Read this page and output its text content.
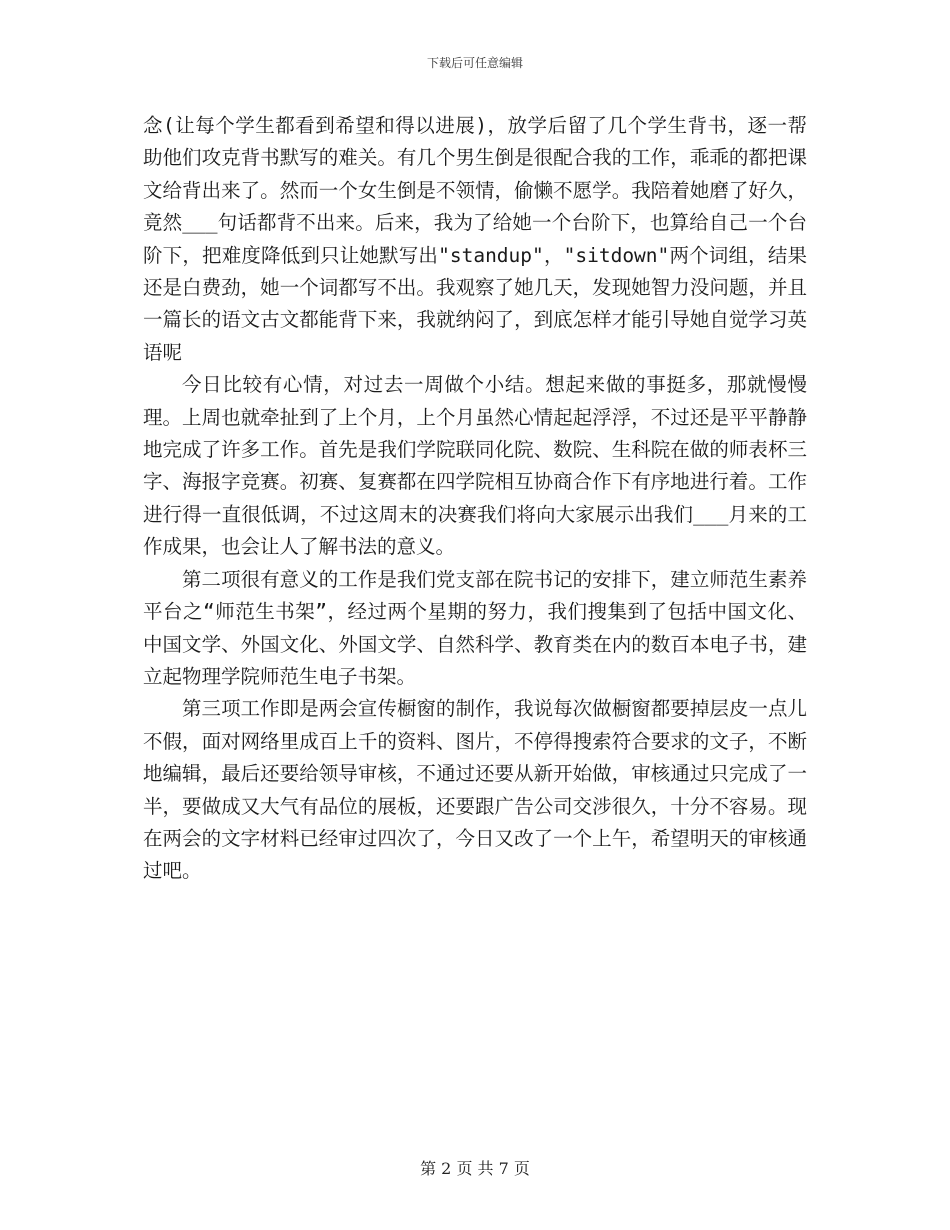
下载后可任意编辑

念(让每个学生都看到希望和得以进展)，放学后留了几个学生背书，逐一帮助他们攻克背书默写的难关。有几个男生倒是很配合我的工作，乖乖的都把课文给背出来了。然而一个女生倒是不领情，偷懒不愿学。我陪着她磨了好久，竟然___句话都背不出来。后来，我为了给她一个台阶下，也算给自己一个台阶下，把难度降低到只让她默写出"standup"，"sitdown"两个词组，结果还是白费劲，她一个词都写不出。我观察了她几天，发现她智力没问题，并且一篇长的语文古文都能背下来，我就纳闷了，到底怎样才能引导她自觉学习英语呢

今日比较有心情，对过去一周做个小结。想起来做的事挺多，那就慢慢理。上周也就牵扯到了上个月，上个月虽然心情起起浮浮，不过还是平平静静地完成了许多工作。首先是我们学院联同化院、数院、生科院在做的师表杯三字、海报字竞赛。初赛、复赛都在四学院相互协商合作下有序地进行着。工作进行得一直很低调，不过这周末的决赛我们将向大家展示出我们___月来的工作成果，也会让人了解书法的意义。

第二项很有意义的工作是我们党支部在院书记的安排下，建立师范生素养平台之“师范生书架”，经过两个星期的努力，我们搜集到了包括中国文化、中国文学、外国文化、外国文学、自然科学、教育类在内的数百本电子书，建立起物理学院师范生电子书架。

第三项工作即是两会宣传橱窗的制作，我说每次做橱窗都要掉层皮一点儿不假，面对网络里成百上千的资料、图片，不停得搜索符合要求的文子，不断地编辑，最后还要给领导审核，不通过还要从新开始做，审核通过只完成了一半，要做成又大气有品位的展板，还要跟广告公司交涉很久，十分不容易。现在两会的文字材料已经审过四次了，今日又改了一个上午，希望明天的审核通过吧。

第 2 页 共 7 页
